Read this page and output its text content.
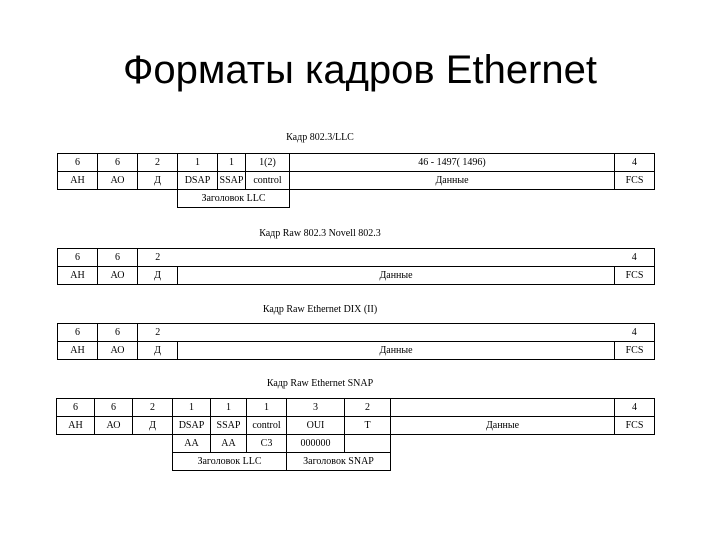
Форматы кадров Ethernet
Кадр 802.3/LLC
6	6	2	1	1	1(2)	46 - 1497( 1496)	4
АН	АО	Д	DSAP	SSAP	control	Данные	FCS
			Заголовок LLC				
Кадр Raw 802.3 Novell 802.3
6	6	2		4
АН	АО	Д	Данные	FCS
Кадр Raw Ethernet DIX (II)
6	6	2		4
АН	АО	Д	Данные	FCS
Кадр Raw Ethernet SNAP
6	6	2	1	1	1	3	2		4
АН	АО	Д	DSAP	SSAP	control	OUI	T	Данные	FCS
			АА	АА	C3	000000			
			Заголовок LLC			Заголовок SNAP			
